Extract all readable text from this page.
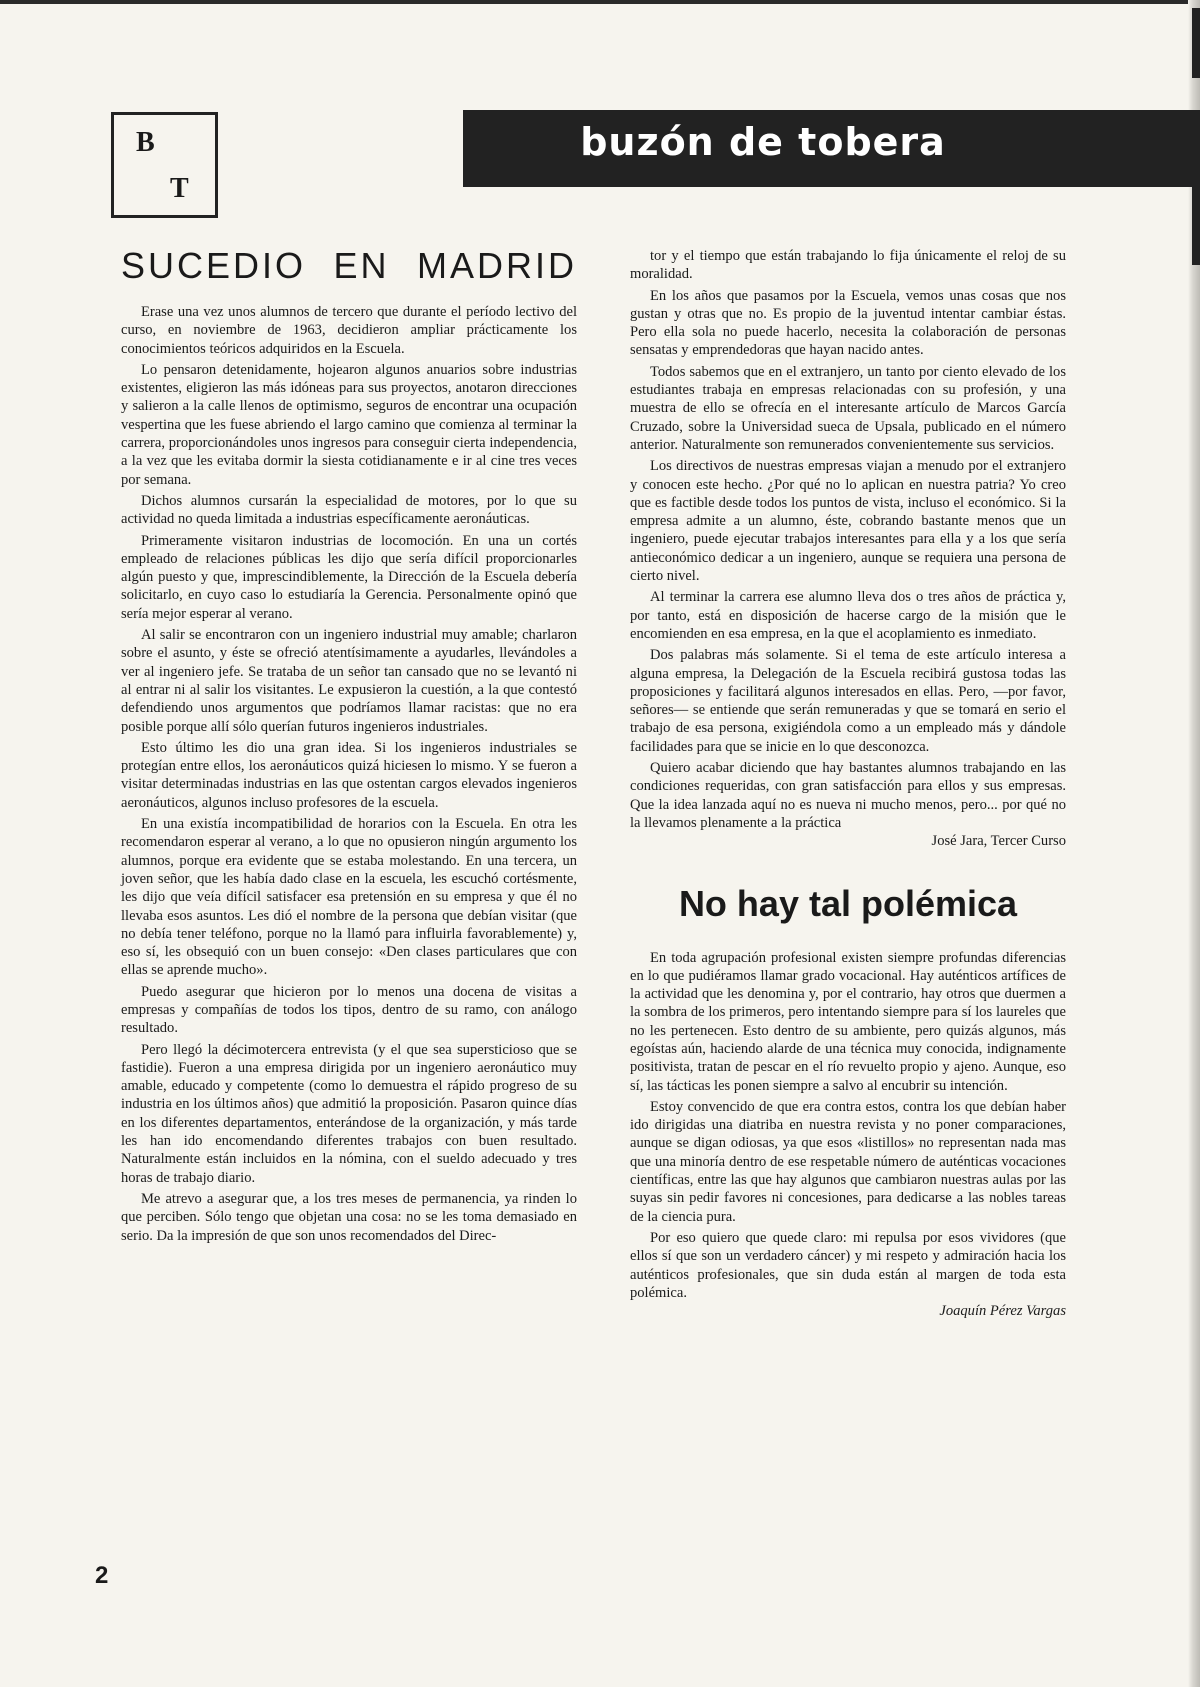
B
T
buzón de tobera
SUCEDIO EN MADRID

Erase una vez unos alumnos de tercero que durante el período lectivo del curso, en noviembre de 1963, decidieron ampliar prácticamente los conocimientos teóricos adquiridos en la Escuela.

Lo pensaron detenidamente, hojearon algunos anuarios sobre industrias existentes, eligieron las más idóneas para sus proyectos, anotaron direcciones y salieron a la calle llenos de optimismo, seguros de encontrar una ocupación vespertina que les fuese abriendo el largo camino que comienza al terminar la carrera, proporcionándoles unos ingresos para conseguir cierta independencia, a la vez que les evitaba dormir la siesta cotidianamente e ir al cine tres veces por semana.

Dichos alumnos cursarán la especialidad de motores, por lo que su actividad no queda limitada a industrias específicamente aeronáuticas.

Primeramente visitaron industrias de locomoción. En una un cortés empleado de relaciones públicas les dijo que sería difícil proporcionarles algún puesto y que, imprescindiblemente, la Dirección de la Escuela debería solicitarlo, en cuyo caso lo estudiaría la Gerencia. Personalmente opinó que sería mejor esperar al verano.

Al salir se encontraron con un ingeniero industrial muy amable; charlaron sobre el asunto, y éste se ofreció atentísimamente a ayudarles, llevándoles a ver al ingeniero jefe. Se trataba de un señor tan cansado que no se levantó ni al entrar ni al salir los visitantes. Le expusieron la cuestión, a la que contestó defendiendo unos argumentos que podríamos llamar racistas: que no era posible porque allí sólo querían futuros ingenieros industriales.

Esto último les dio una gran idea. Si los ingenieros industriales se protegían entre ellos, los aeronáuticos quizá hiciesen lo mismo. Y se fueron a visitar determinadas industrias en las que ostentan cargos elevados ingenieros aeronáuticos, algunos incluso profesores de la escuela.

En una existía incompatibilidad de horarios con la Escuela. En otra les recomendaron esperar al verano, a lo que no opusieron ningún argumento los alumnos, porque era evidente que se estaba molestando. En una tercera, un joven señor, que les había dado clase en la escuela, les escuchó cortésmente, les dijo que veía difícil satisfacer esa pretensión en su empresa y que él no llevaba esos asuntos. Les dió el nombre de la persona que debían visitar (que no debía tener teléfono, porque no la llamó para influirla favorablemente) y, eso sí, les obsequió con un buen consejo: «Den clases particulares que con ellas se aprende mucho».

Puedo asegurar que hicieron por lo menos una docena de visitas a empresas y compañías de todos los tipos, dentro de su ramo, con análogo resultado.

Pero llegó la décimotercera entrevista (y el que sea supersticioso que se fastidie). Fueron a una empresa dirigida por un ingeniero aeronáutico muy amable, educado y competente (como lo demuestra el rápido progreso de su industria en los últimos años) que admitió la proposición. Pasaron quince días en los diferentes departamentos, enterándose de la organización, y más tarde les han ido encomendando diferentes trabajos con buen resultado. Naturalmente están incluidos en la nómina, con el sueldo adecuado y tres horas de trabajo diario.

Me atrevo a asegurar que, a los tres meses de permanencia, ya rinden lo que perciben. Sólo tengo que objetan una cosa: no se les toma demasiado en serio. Da la impresión de que son unos recomendados del Direc-

tor y el tiempo que están trabajando lo fija únicamente el reloj de su moralidad.

En los años que pasamos por la Escuela, vemos unas cosas que nos gustan y otras que no. Es propio de la juventud intentar cambiar éstas. Pero ella sola no puede hacerlo, necesita la colaboración de personas sensatas y emprendedoras que hayan nacido antes.

Todos sabemos que en el extranjero, un tanto por ciento elevado de los estudiantes trabaja en empresas relacionadas con su profesión, y una muestra de ello se ofrecía en el interesante artículo de Marcos García Cruzado, sobre la Universidad sueca de Upsala, publicado en el número anterior. Naturalmente son remunerados convenientemente sus servicios.

Los directivos de nuestras empresas viajan a menudo por el extranjero y conocen este hecho. ¿Por qué no lo aplican en nuestra patria? Yo creo que es factible desde todos los puntos de vista, incluso el económico. Si la empresa admite a un alumno, éste, cobrando bastante menos que un ingeniero, puede ejecutar trabajos interesantes para ella y a los que sería antieconómico dedicar a un ingeniero, aunque se requiera una persona de cierto nivel.

Al terminar la carrera ese alumno lleva dos o tres años de práctica y, por tanto, está en disposición de hacerse cargo de la misión que le encomienden en esa empresa, en la que el acoplamiento es inmediato.

Dos palabras más solamente. Si el tema de este artículo interesa a alguna empresa, la Delegación de la Escuela recibirá gustosa todas las proposiciones y facilitará algunos interesados en ellas. Pero, —por favor, señores— se entiende que serán remuneradas y que se tomará en serio el trabajo de esa persona, exigiéndola como a un empleado más y dándole facilidades para que se inicie en lo que desconozca.

Quiero acabar diciendo que hay bastantes alumnos trabajando en las condiciones requeridas, con gran satisfacción para ellos y sus empresas. Que la idea lanzada aquí no es nueva ni mucho menos, pero... por qué no la llevamos plenamente a la práctica

José Jara, Tercer Curso

No hay tal polémica

En toda agrupación profesional existen siempre profundas diferencias en lo que pudiéramos llamar grado vocacional. Hay auténticos artífices de la actividad que les denomina y, por el contrario, hay otros que duermen a la sombra de los primeros, pero intentando siempre para sí los laureles que no les pertenecen. Esto dentro de su ambiente, pero quizás algunos, más egoístas aún, haciendo alarde de una técnica muy conocida, indignamente positivista, tratan de pescar en el río revuelto propio y ajeno. Aunque, eso sí, las tácticas les ponen siempre a salvo al encubrir su intención.

Estoy convencido de que era contra estos, contra los que debían haber ido dirigidas una diatriba en nuestra revista y no poner comparaciones, aunque se digan odiosas, ya que esos «listillos» no representan nada mas que una minoría dentro de ese respetable número de auténticas vocaciones científicas, entre las que hay algunos que cambiaron nuestras aulas por las suyas sin pedir favores ni concesiones, para dedicarse a las nobles tareas de la ciencia pura.

Por eso quiero que quede claro: mi repulsa por esos vividores (que ellos sí que son un verdadero cáncer) y mi respeto y admiración hacia los auténticos profesionales, que sin duda están al margen de toda esta polémica.

Joaquín Pérez Vargas

2
